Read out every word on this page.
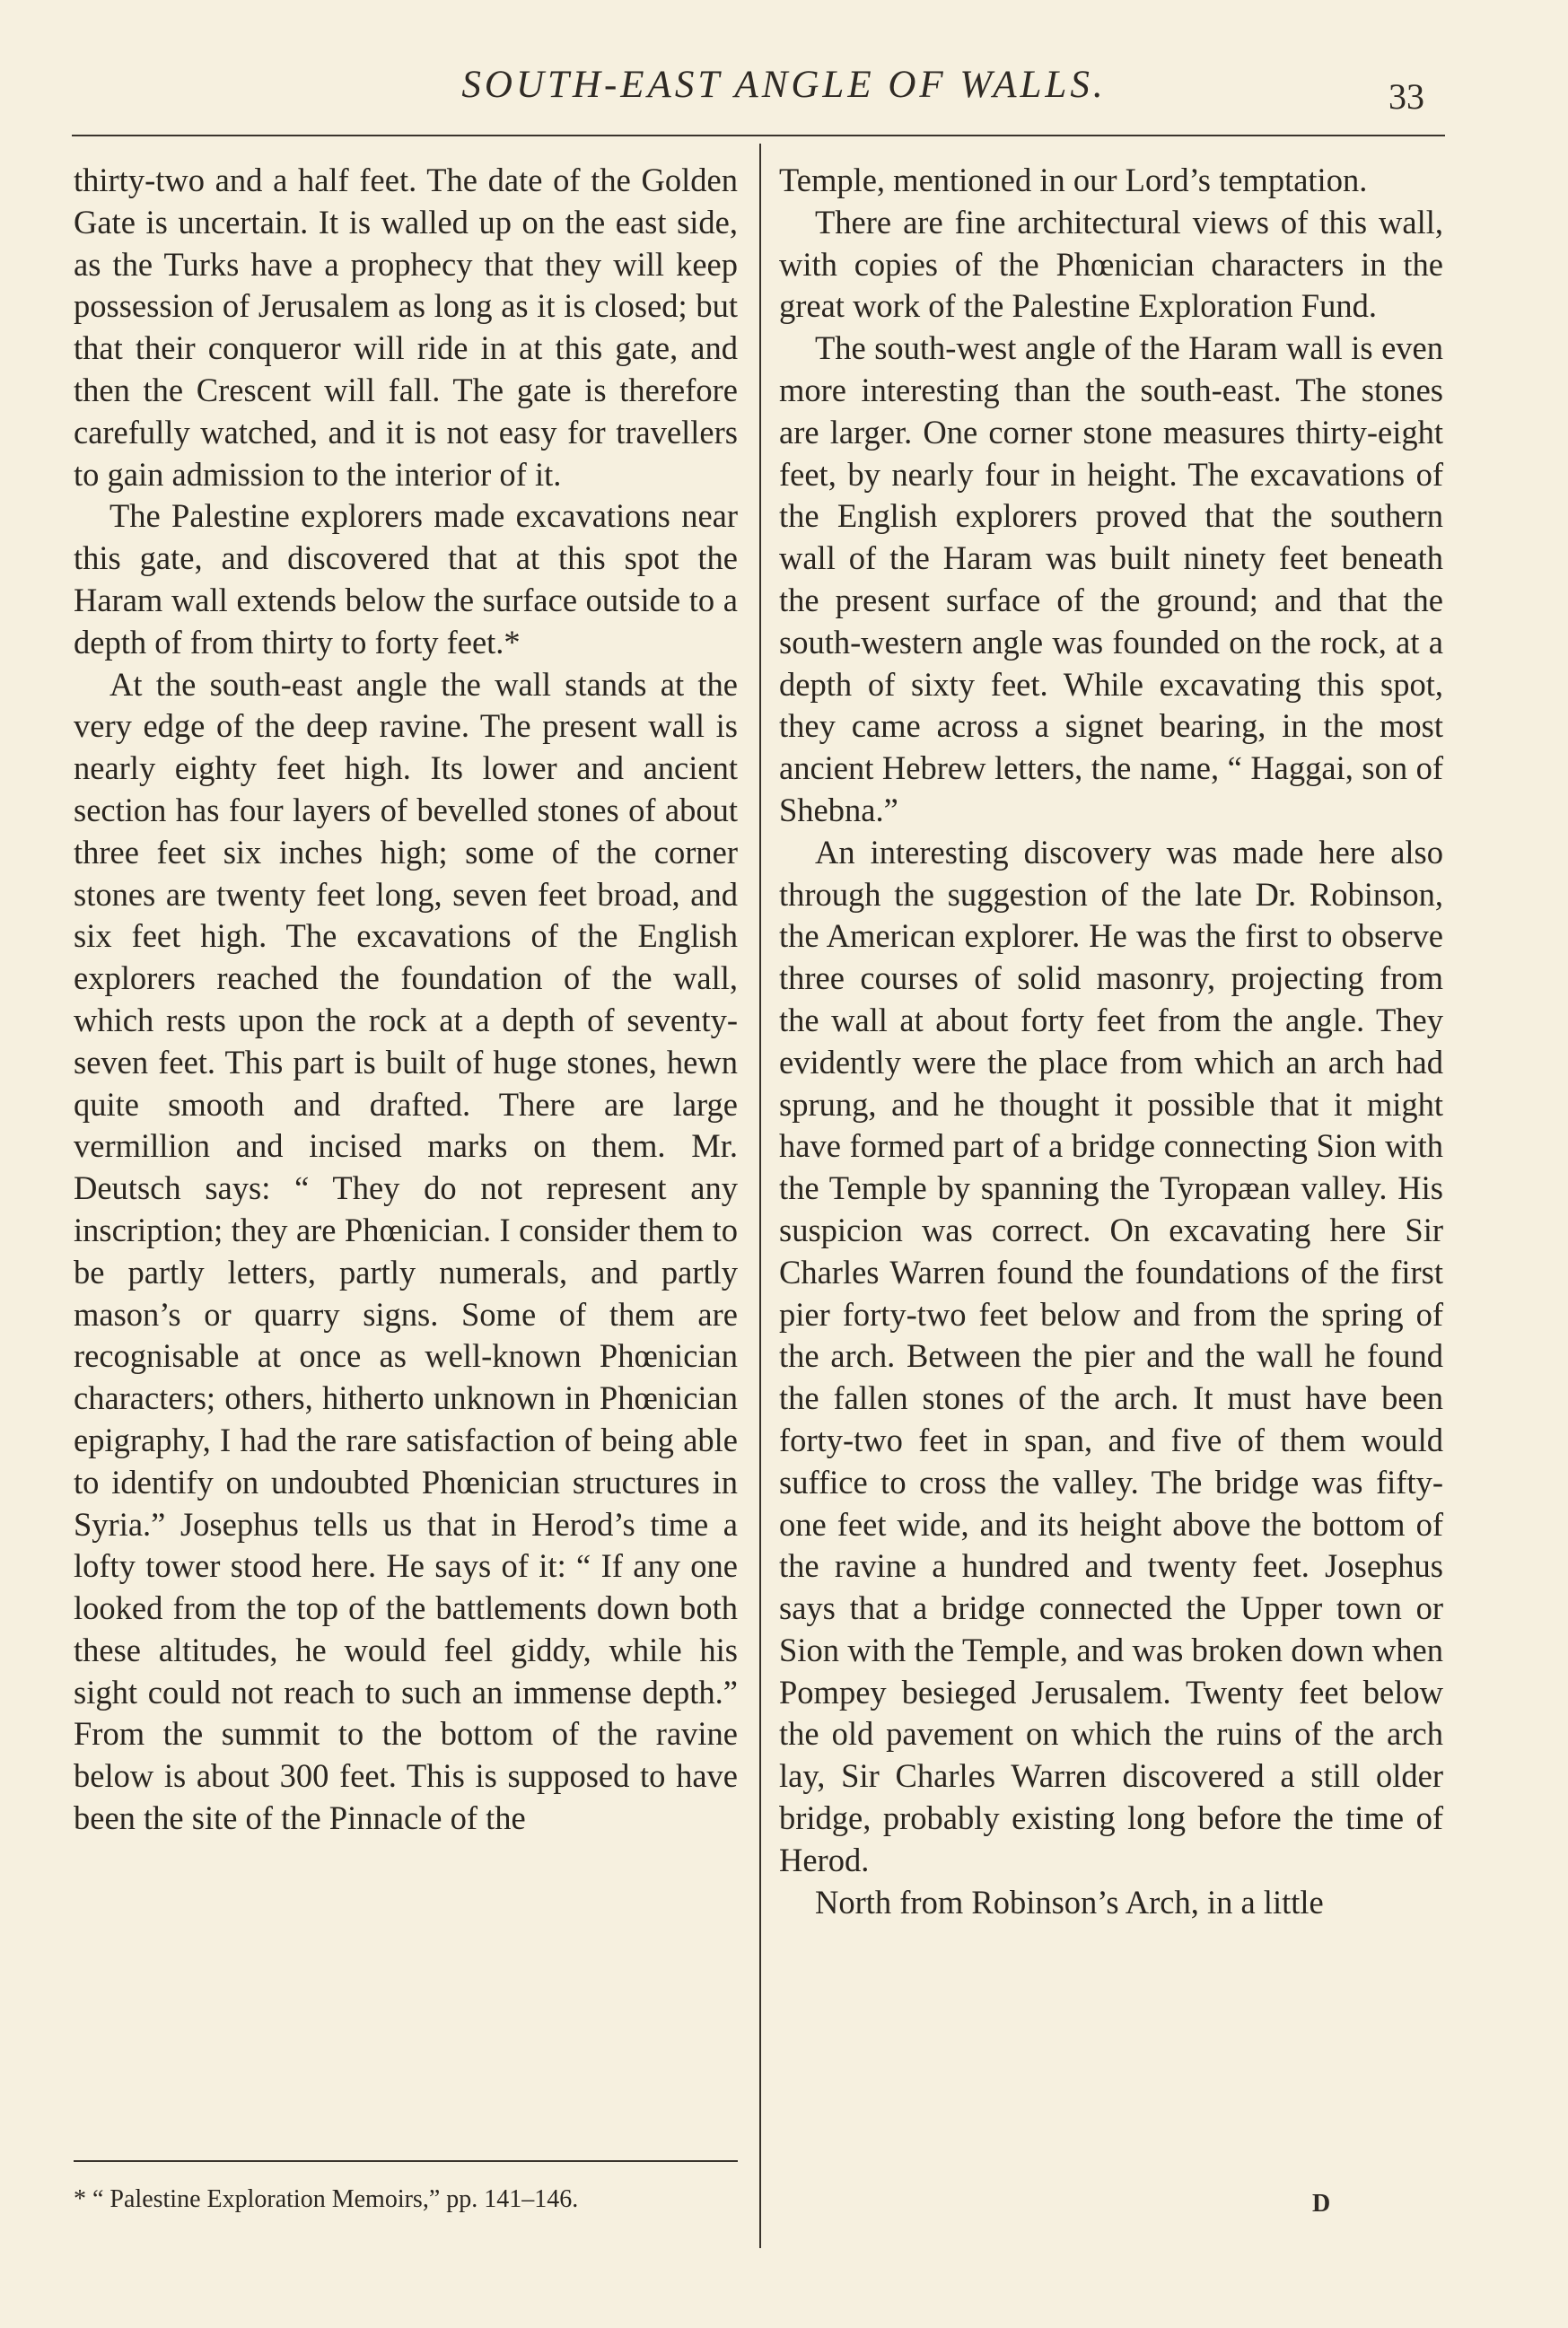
SOUTH-EAST ANGLE OF WALLS.	33

thirty-two and a half feet. The date of the Golden Gate is uncertain. It is walled up on the east side, as the Turks have a prophecy that they will keep possession of Jerusalem as long as it is closed; but that their conqueror will ride in at this gate, and then the Crescent will fall. The gate is therefore carefully watched, and it is not easy for travellers to gain admission to the interior of it.

The Palestine explorers made excavations near this gate, and discovered that at this spot the Haram wall extends below the surface outside to a depth of from thirty to forty feet.*

At the south-east angle the wall stands at the very edge of the deep ravine. The present wall is nearly eighty feet high. Its lower and ancient section has four layers of bevelled stones of about three feet six inches high; some of the corner stones are twenty feet long, seven feet broad, and six feet high. The excavations of the English explorers reached the foundation of the wall, which rests upon the rock at a depth of seventy-seven feet. This part is built of huge stones, hewn quite smooth and drafted. There are large vermillion and incised marks on them. Mr. Deutsch says: “ They do not represent any inscription; they are Phœnician. I consider them to be partly letters, partly numerals, and partly mason’s or quarry signs. Some of them are recognisable at once as well-known Phœnician characters; others, hitherto unknown in Phœnician epigraphy, I had the rare satisfaction of being able to identify on undoubted Phœnician structures in Syria.” Josephus tells us that in Herod’s time a lofty tower stood here. He says of it: “ If any one looked from the top of the battlements down both these altitudes, he would feel giddy, while his sight could not reach to such an immense depth.” From the summit to the bottom of the ravine below is about 300 feet. This is supposed to have been the site of the Pinnacle of the

Temple, mentioned in our Lord’s temptation.

There are fine architectural views of this wall, with copies of the Phœnician characters in the great work of the Palestine Exploration Fund.

The south-west angle of the Haram wall is even more interesting than the south-east. The stones are larger. One corner stone measures thirty-eight feet, by nearly four in height. The excavations of the English explorers proved that the southern wall of the Haram was built ninety feet beneath the present surface of the ground; and that the south-western angle was founded on the rock, at a depth of sixty feet. While excavating this spot, they came across a signet bearing, in the most ancient Hebrew letters, the name, “ Haggai, son of Shebna.”

An interesting discovery was made here also through the suggestion of the late Dr. Robinson, the American explorer. He was the first to observe three courses of solid masonry, projecting from the wall at about forty feet from the angle. They evidently were the place from which an arch had sprung, and he thought it possible that it might have formed part of a bridge connecting Sion with the Temple by spanning the Tyropæan valley. His suspicion was correct. On excavating here Sir Charles Warren found the foundations of the first pier forty-two feet below and from the spring of the arch. Between the pier and the wall he found the fallen stones of the arch. It must have been forty-two feet in span, and five of them would suffice to cross the valley. The bridge was fifty-one feet wide, and its height above the bottom of the ravine a hundred and twenty feet. Josephus says that a bridge connected the Upper town or Sion with the Temple, and was broken down when Pompey besieged Jerusalem. Twenty feet below the old pavement on which the ruins of the arch lay, Sir Charles Warren discovered a still older bridge, probably existing long before the time of Herod.

North from Robinson’s Arch, in a little

* “ Palestine Exploration Memoirs,” pp. 141–146.	D
